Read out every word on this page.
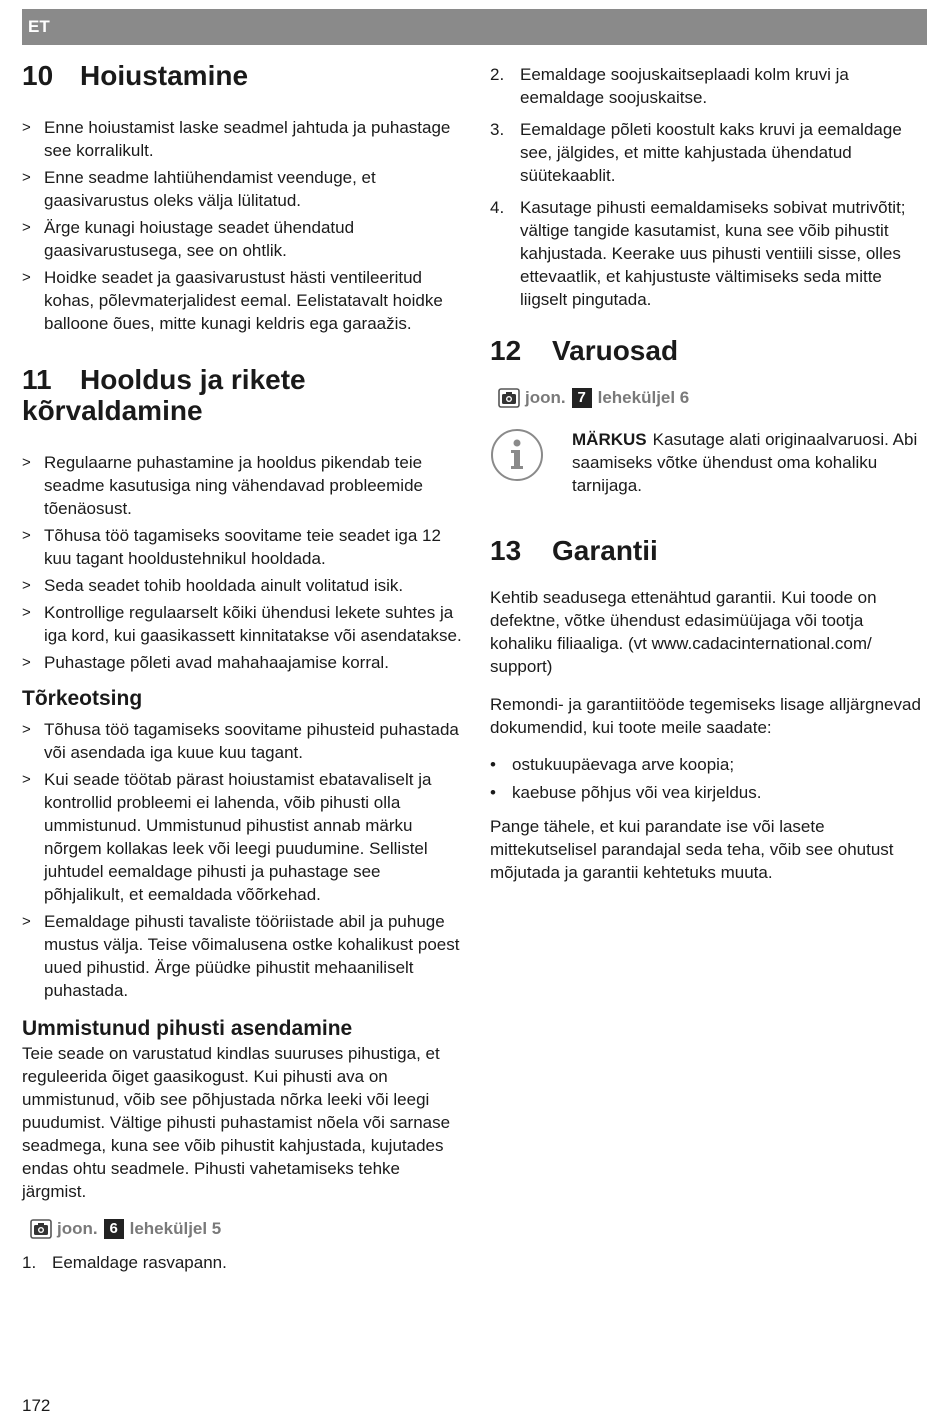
ET
10 Hoiustamine
> Enne hoiustamist laske seadmel jahtuda ja puhastage see korralikult.
> Enne seadme lahtiühendamist veenduge, et gaasivarustus oleks välja lülitatud.
> Ärge kunagi hoiustage seadet ühendatud gaasivarustusega, see on ohtlik.
> Hoidke seadet ja gaasivarustust hästi ventileeritud kohas, põlevmaterjalidest eemal. Eelistatavalt hoidke balloone õues, mitte kunagi keldris ega garaažis.
11 Hooldus ja rikete
kõrvaldamine
> Regulaarne puhastamine ja hooldus pikendab teie seadme kasutusiga ning vähendavad probleemide tõenäosust.
> Tõhusa töö tagamiseks soovitame teie seadet iga 12 kuu tagant hooldustehnikul hooldada.
> Seda seadet tohib hooldada ainult volitatud isik.
> Kontrollige regulaarselt kõiki ühendusi lekete suhtes ja iga kord, kui gaasikassett kinnitatakse või asendatakse.
> Puhastage põleti avad mahahaajamise korral.
Tõrkeotsing
> Tõhusa töö tagamiseks soovitame pihusteid puhastada või asendada iga kuue kuu tagant.
> Kui seade töötab pärast hoiustamist ebatavaliselt ja kontrollid probleemi ei lahenda, võib pihusti olla ummistunud. Ummistunud pihustist annab märku nõrgem kollakas leek või leegi puudumine. Sellistel juhtudel eemaldage pihusti ja puhastage see põhjalikult, et eemaldada võõrkehad.
> Eemaldage pihusti tavaliste tööriistade abil ja puhuge mustus välja. Teise võimalusena ostke kohalikust poest uued pihustid. Ärge püüdke pihustit mehaaniliselt puhastada.
Ummistunud pihusti asendamine

Teie seade on varustatud kindlas suuruses pihustiga, et reguleerida õiget gaasikogust. Kui pihusti ava on ummistunud, võib see põhjustada nõrka leeki või leegi puudumist. Vältige pihusti puhastamist nõela või sarnase seadmega, kuna see võib pihustit kahjustada, kujutades endas ohtu seadmele. Pihusti vahetamiseks tehke järgmist.

joon. 6 leheküljel 5
1. Eemaldage rasvapann.
2. Eemaldage soojuskaitseplaadi kolm kruvi ja eemaldage soojuskaitse.
3. Eemaldage põleti koostult kaks kruvi ja eemaldage see, jälgides, et mitte kahjustada ühendatud süütekaablit.
4. Kasutage pihusti eemaldamiseks sobivat mutrivõtit; vältige tangide kasutamist, kuna see võib pihustit kahjustada. Keerake uus pihusti ventiili sisse, olles ettevaatlik, et kahjustuste vältimiseks seda mitte liigselt pingutada.
12 Varuosad
joon. 7 leheküljel 6

MÄRKUS Kasutage alati originaalvaruosi. Abi saamiseks võtke ühendust oma kohaliku tarnijaga.

13 Garantii

Kehtib seadusega ettenähtud garantii. Kui toode on defektne, võtke ühendust edasimüüjaga või tootja kohaliku filiaaliga. (vt www.cadacinternational.com/ support)

Remondi- ja garantiitööde tegemiseks lisage alljärgnevad dokumendid, kui toote meile saadate:

• ostukuupäevaga arve koopia;
• kaebuse põhjus või vea kirjeldus.

Pange tähele, et kui parandate ise või lasete mittekutselisel parandajal seda teha, võib see ohutust mõjutada ja garantii kehtetuks muuta.

172
